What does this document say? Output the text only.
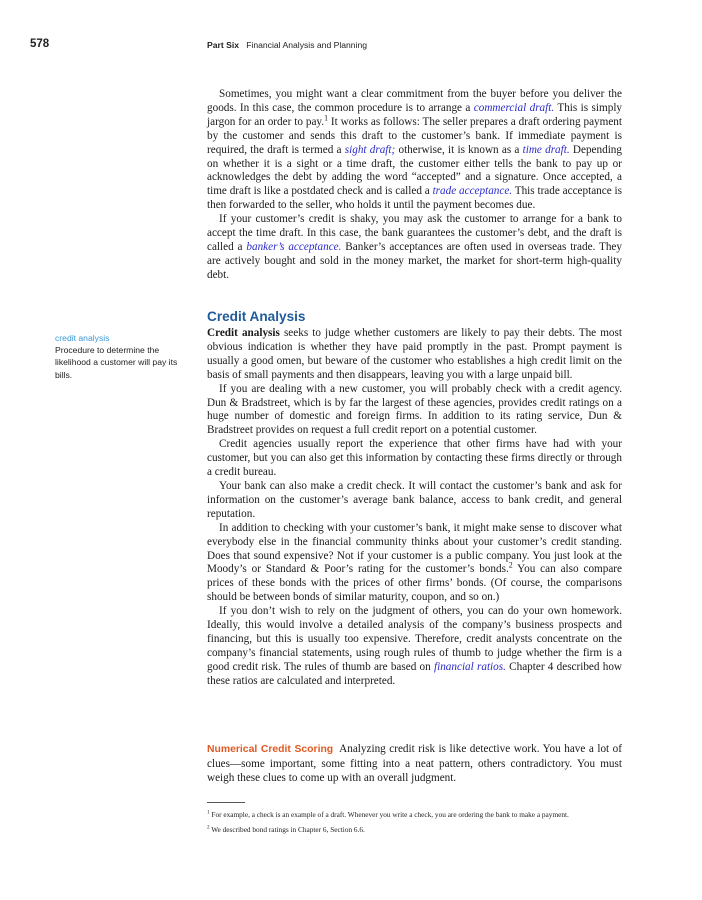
578	Part Six Financial Analysis and Planning

Sometimes, you might want a clear commitment from the buyer before you deliver the goods. In this case, the common procedure is to arrange a commercial draft. This is simply jargon for an order to pay.$^1$ It works as follows: The seller prepares a draft ordering payment by the customer and sends this draft to the customer’s bank. If immediate payment is required, the draft is termed a sight draft; otherwise, it is known as a time draft. Depending on whether it is a sight or a time draft, the customer either tells the bank to pay up or acknowledges the debt by adding the word “accepted” and a signature. Once accepted, a time draft is like a postdated check and is called a trade acceptance. This trade acceptance is then forwarded to the seller, who holds it until the payment becomes due.

If your customer’s credit is shaky, you may ask the customer to arrange for a bank to accept the time draft. In this case, the bank guarantees the customer’s debt, and the draft is called a banker’s acceptance. Banker’s acceptances are often used in overseas trade. They are actively bought and sold in the money market, the market for short-term high-quality debt.

Credit Analysis
credit analysis
Procedure to determine the likelihood a customer will pay its bills.

Credit analysis seeks to judge whether customers are likely to pay their debts. The most obvious indication is whether they have paid promptly in the past. Prompt payment is usually a good omen, but beware of the customer who establishes a high credit limit on the basis of small payments and then disappears, leaving you with a large unpaid bill.

If you are dealing with a new customer, you will probably check with a credit agency. Dun & Bradstreet, which is by far the largest of these agencies, provides credit ratings on a huge number of domestic and foreign firms. In addition to its rating service, Dun & Bradstreet provides on request a full credit report on a potential customer.

Credit agencies usually report the experience that other firms have had with your customer, but you can also get this information by contacting these firms directly or through a credit bureau.

Your bank can also make a credit check. It will contact the customer’s bank and ask for information on the customer’s average bank balance, access to bank credit, and general reputation.

In addition to checking with your customer’s bank, it might make sense to discover what everybody else in the financial community thinks about your customer’s credit standing. Does that sound expensive? Not if your customer is a public company. You just look at the Moody’s or Standard & Poor’s rating for the customer’s bonds.$^2$ You can also compare prices of these bonds with the prices of other firms’ bonds. (Of course, the comparisons should be between bonds of similar maturity, coupon, and so on.)

If you don’t wish to rely on the judgment of others, you can do your own homework. Ideally, this would involve a detailed analysis of the company’s business prospects and financing, but this is usually too expensive. Therefore, credit analysts concentrate on the company’s financial statements, using rough rules of thumb to judge whether the firm is a good credit risk. The rules of thumb are based on financial ratios. Chapter 4 described how these ratios are calculated and interpreted.

Numerical Credit Scoring Analyzing credit risk is like detective work. You have a lot of clues—some important, some fitting into a neat pattern, others contradictory. You must weigh these clues to come up with an overall judgment.

$^1$ For example, a check is an example of a draft. Whenever you write a check, you are ordering the bank to make a payment.

$^2$ We described bond ratings in Chapter 6, Section 6.6.
